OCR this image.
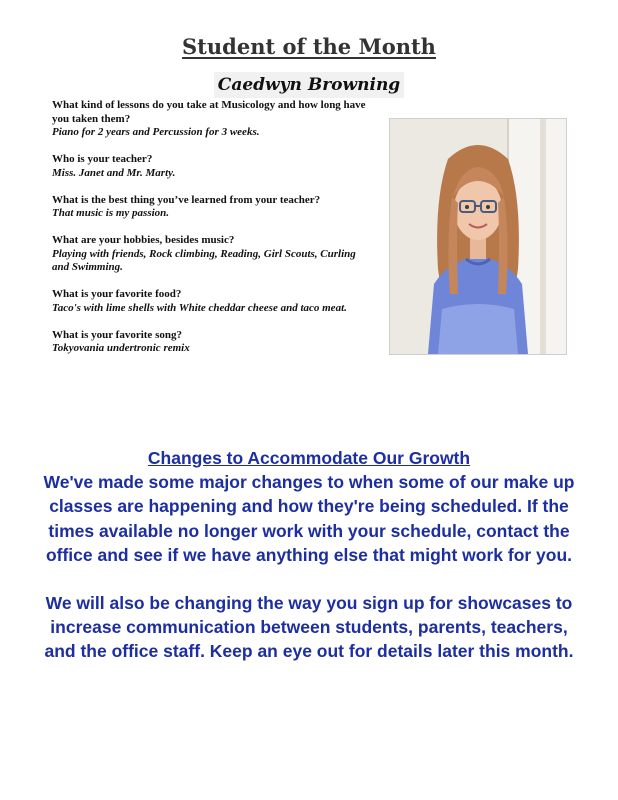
Student of the Month
Caedwyn Browning
What kind of lessons do you take at Musicology and how long have you taken them?
Piano for 2 years and Percussion for 3 weeks.
Who is your teacher?
Miss. Janet and Mr. Marty.
What is the best thing you’ve learned from your teacher?
That music is my passion.
What are your hobbies, besides music?
Playing with friends, Rock climbing, Reading, Girl Scouts, Curling and Swimming.
What is your favorite food?
Taco's with lime shells with White cheddar cheese and taco meat.
What is your favorite song?
Tokyovania undertronic remix
Changes to Accommodate Our Growth
We've made some major changes to when some of our make up classes are happening and how they're being scheduled. If the times available no longer work with your schedule, contact the office and see if we have anything else that might work for you.
We will also be changing the way you sign up for showcases to increase communication between students, parents, teachers, and the office staff. Keep an eye out for details later this month.
